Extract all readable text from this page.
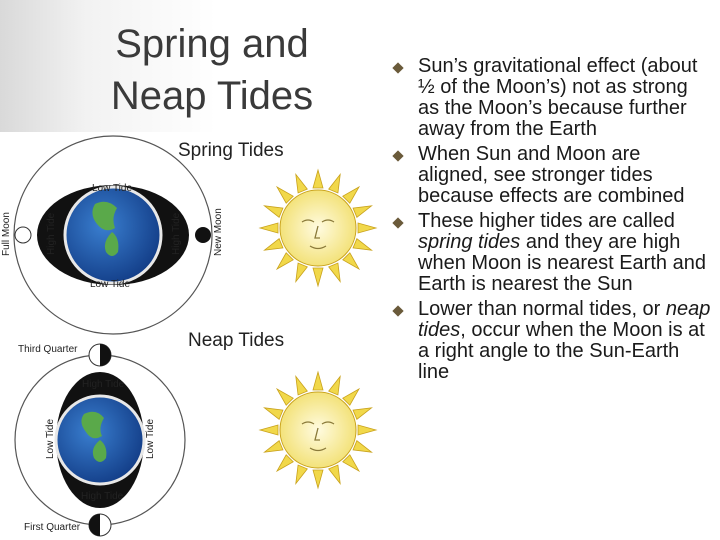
Spring and
Neap Tides
Spring Tides
Low Tide
Low Tide
High Tide	High Tide
Full Moon	New Moon
Neap Tides
High Tide
High Tide
Low Tide	Low Tide
Third Quarter
First Quarter
Sun’s gravitational effect (about ½ of the Moon’s) not as strong as the Moon’s because further away from the Earth
When Sun and Moon are aligned, see stronger tides because effects are combined
These higher tides are called spring tides and they are high when Moon is nearest Earth and Earth is nearest the Sun
Lower than normal tides, or neap tides, occur when the Moon is at a right angle to the Sun-Earth line
